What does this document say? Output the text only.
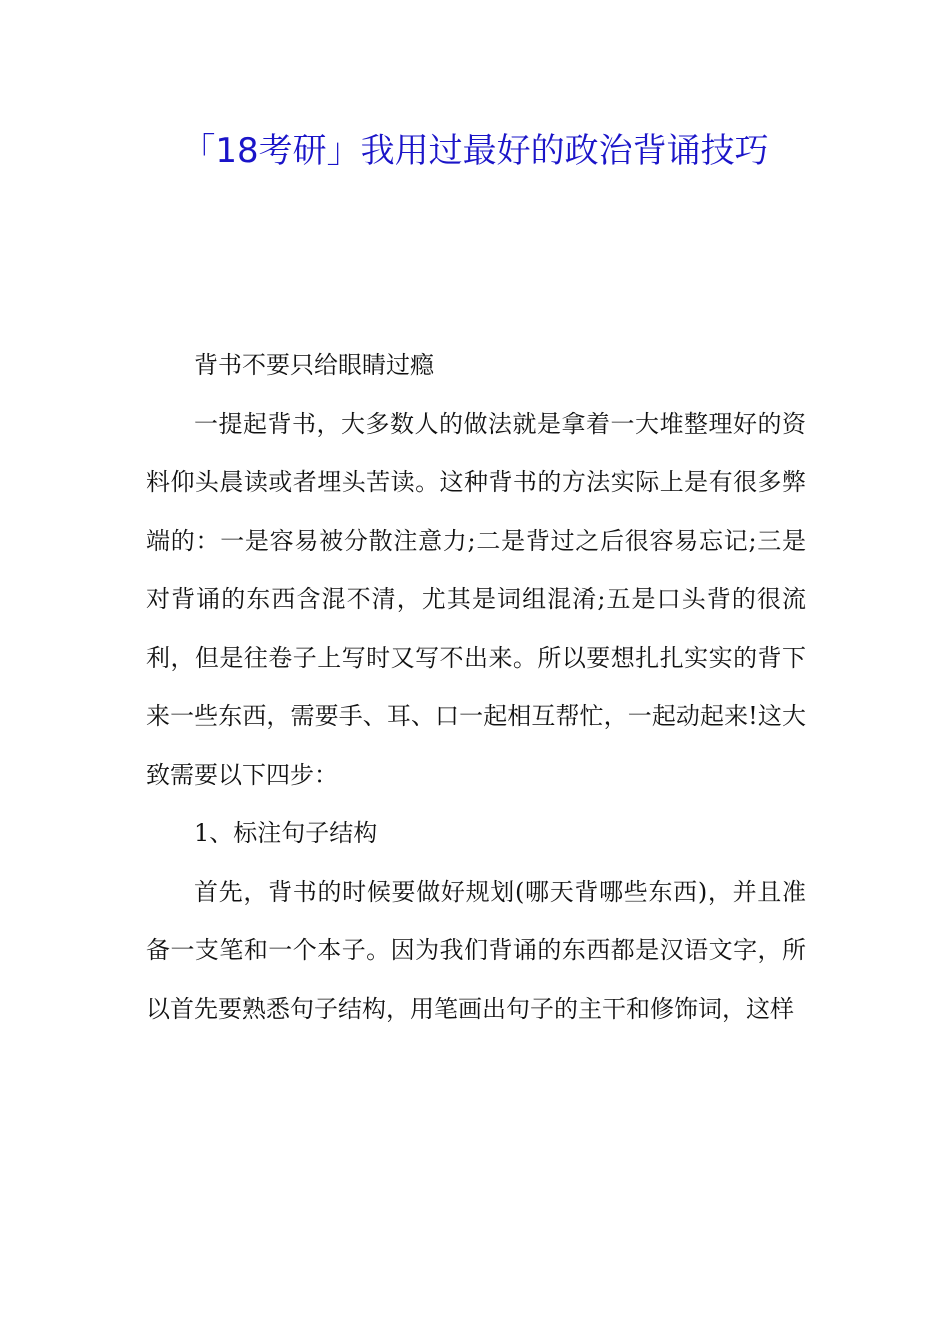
「18考研」我用过最好的政治背诵技巧

背书不要只给眼睛过瘾

一提起背书，大多数人的做法就是拿着一大堆整理好的资料仰头晨读或者埋头苦读。这种背书的方法实际上是有很多弊端的：一是容易被分散注意力;二是背过之后很容易忘记;三是对背诵的东西含混不清，尤其是词组混淆;五是口头背的很流利，但是往卷子上写时又写不出来。所以要想扎扎实实的背下来一些东西，需要手、耳、口一起相互帮忙，一起动起来!这大致需要以下四步：

1、标注句子结构

首先，背书的时候要做好规划(哪天背哪些东西)，并且准备一支笔和一个本子。因为我们背诵的东西都是汉语文字，所以首先要熟悉句子结构，用笔画出句子的主干和修饰词，这样
